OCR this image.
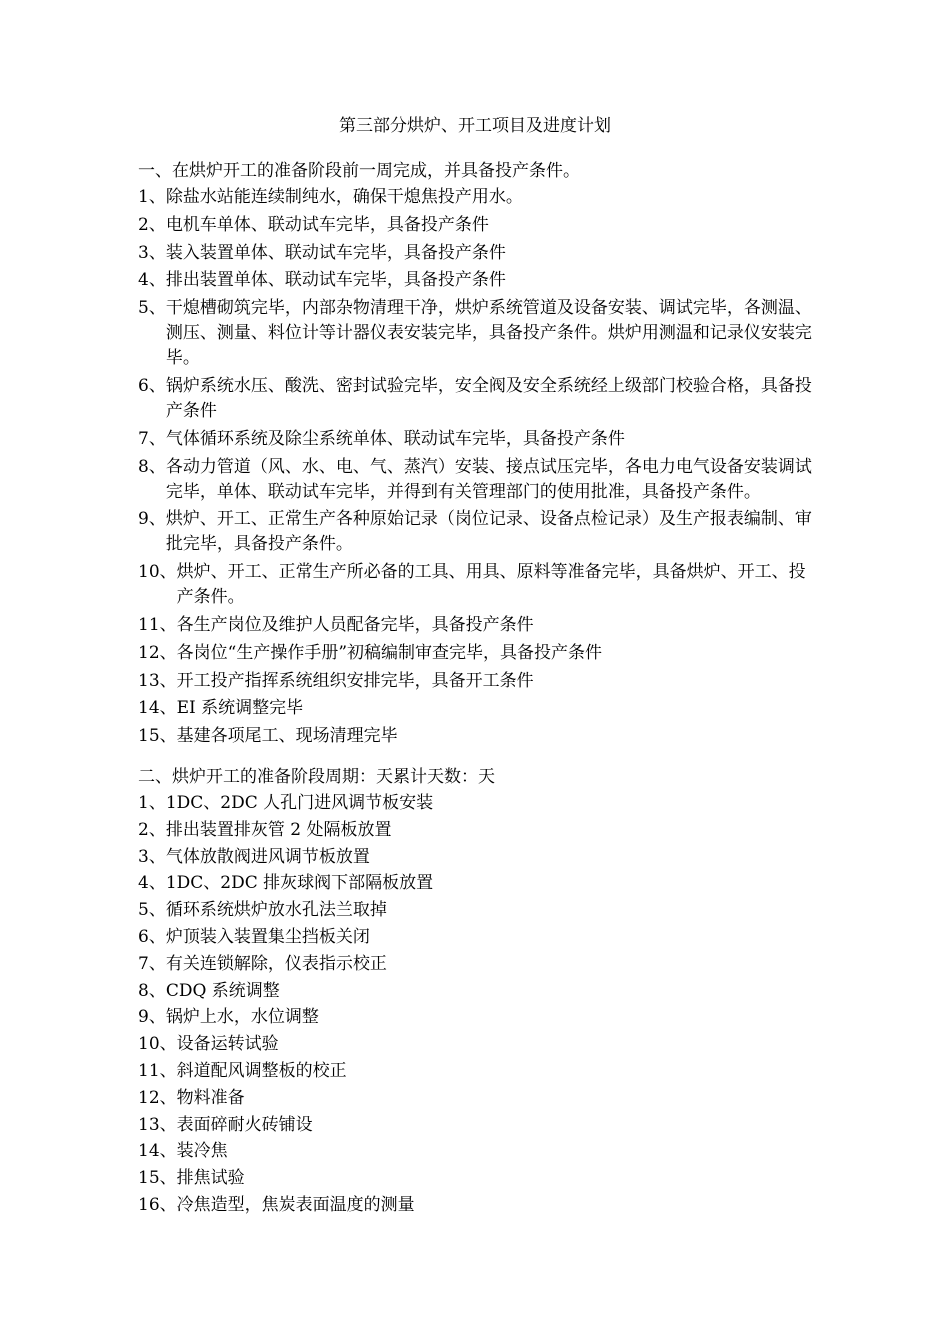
第三部分烘炉、开工项目及进度计划

一、在烘炉开工的准备阶段前一周完成，并具备投产条件。

1、 除盐水站能连续制纯水，确保干熄焦投产用水。
2、 电机车单体、联动试车完毕，具备投产条件
3、 装入装置单体、联动试车完毕，具备投产条件
4、 排出装置单体、联动试车完毕，具备投产条件
5、 干熄槽砌筑完毕，内部杂物清理干净，烘炉系统管道及设备安装、调试完毕，各测温、测压、测量、料位计等计器仪表安装完毕，具备投产条件。烘炉用测温和记录仪安装完毕。
6、 锅炉系统水压、酸洗、密封试验完毕，安全阀及安全系统经上级部门校验合格，具备投产条件
7、 气体循环系统及除尘系统单体、联动试车完毕，具备投产条件
8、 各动力管道（风、水、电、气、蒸汽）安装、接点试压完毕，各电力电气设备安装调试完毕，单体、联动试车完毕，并得到有关管理部门的使用批准，具备投产条件。
9、 烘炉、开工、正常生产各种原始记录（岗位记录、设备点检记录）及生产报表编制、审批完毕，具备投产条件。
10、 烘炉、开工、正常生产所必备的工具、用具、原料等准备完毕，具备烘炉、开工、投产条件。
11、 各生产岗位及维护人员配备完毕，具备投产条件
12、 各岗位“生产操作手册”初稿编制审查完毕，具备投产条件
13、 开工投产指挥系统组织安排完毕，具备开工条件
14、 EI 系统调整完毕
15、 基建各项尾工、现场清理完毕

二、烘炉开工的准备阶段周期：天累计天数：天

1、 1DC、2DC 人孔门进风调节板安装
2、 排出装置排灰管 2 处隔板放置
3、 气体放散阀进风调节板放置
4、 1DC、2DC 排灰球阀下部隔板放置
5、 循环系统烘炉放水孔法兰取掉
6、 炉顶装入装置集尘挡板关闭
7、 有关连锁解除，仪表指示校正
8、 CDQ 系统调整
9、 锅炉上水，水位调整
10、 设备运转试验
11、 斜道配风调整板的校正
12、 物料准备
13、 表面碎耐火砖铺设
14、 装冷焦
15、 排焦试验
16、 冷焦造型，焦炭表面温度的测量
